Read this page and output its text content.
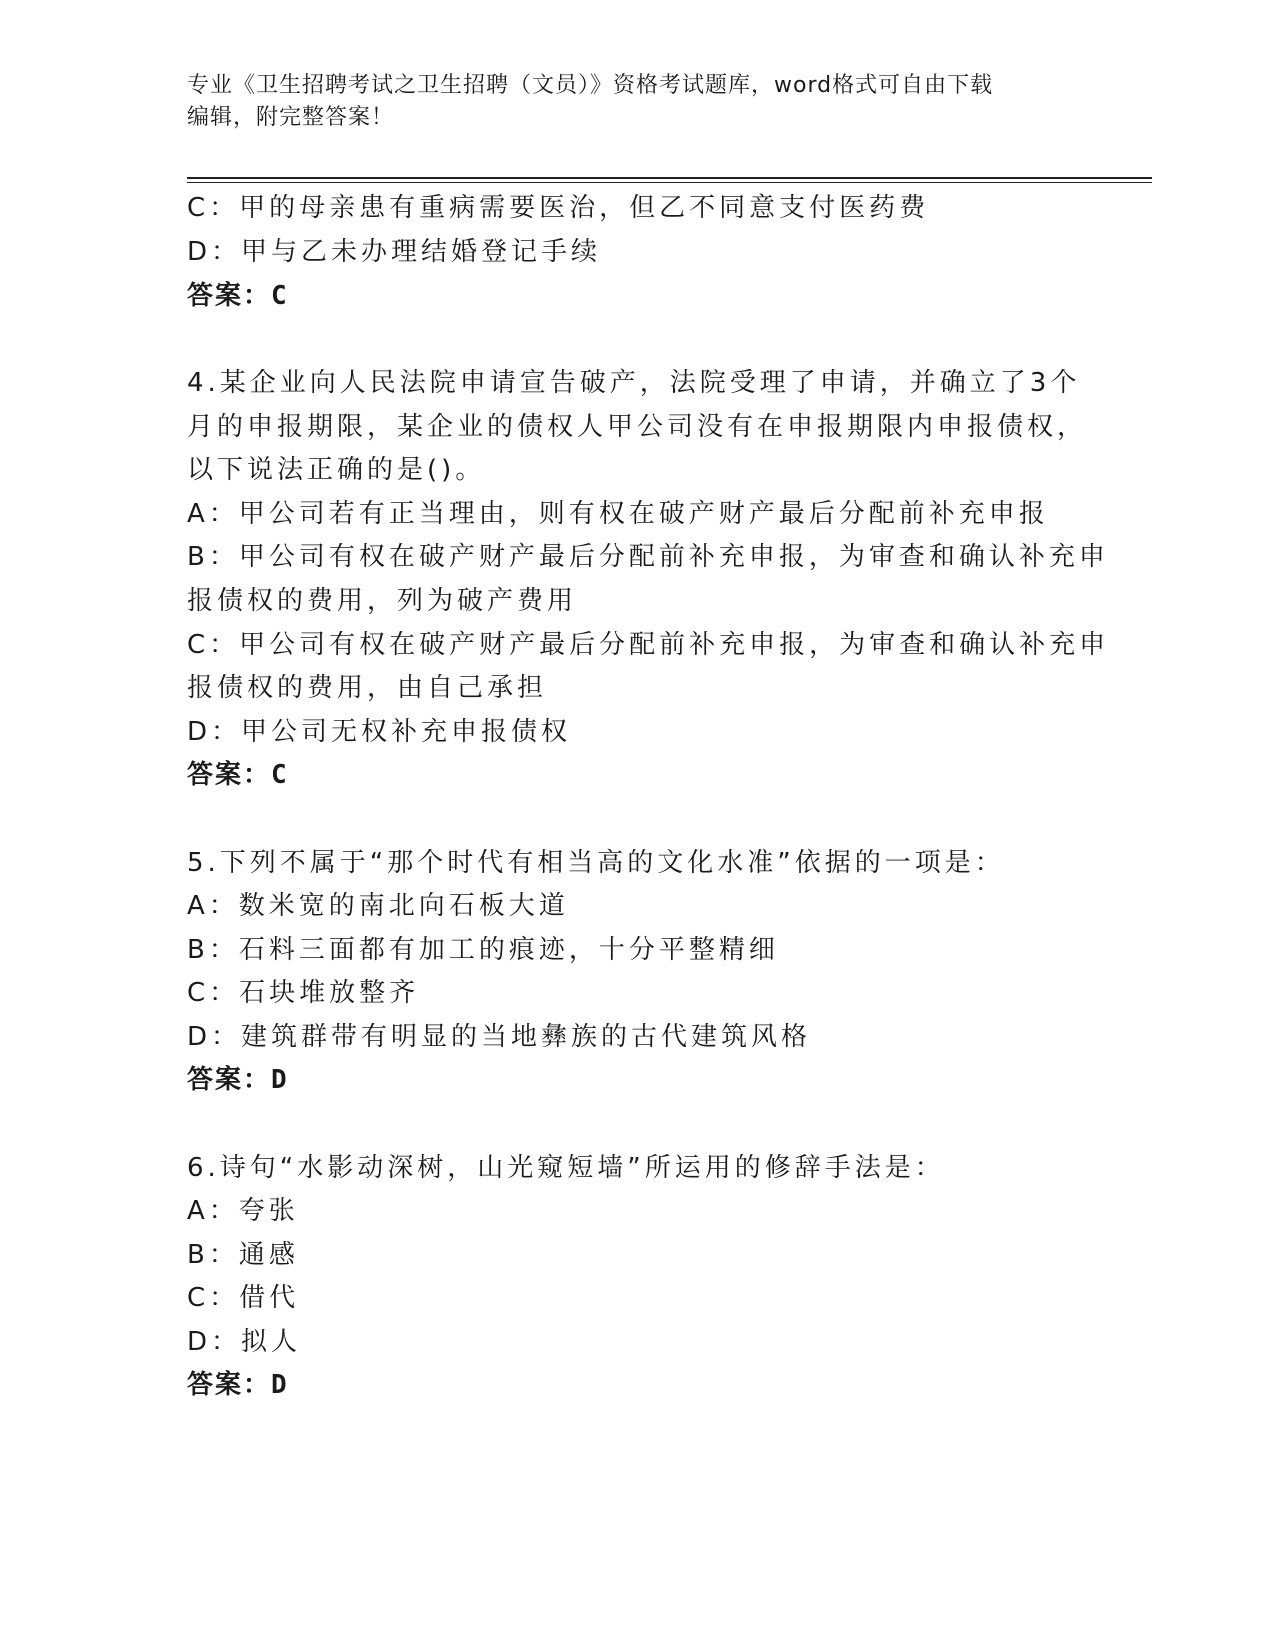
专业《卫生招聘考试之卫生招聘（文员）》资格考试题库，word格式可自由下载
编辑，附完整答案！
C：甲的母亲患有重病需要医治，但乙不同意支付医药费
D：甲与乙未办理结婚登记手续
答案：C
4.某企业向人民法院申请宣告破产，法院受理了申请，并确立了3个
月的申报期限，某企业的债权人甲公司没有在申报期限内申报债权，
以下说法正确的是()。
A：甲公司若有正当理由，则有权在破产财产最后分配前补充申报
B：甲公司有权在破产财产最后分配前补充申报，为审查和确认补充申
报债权的费用，列为破产费用
C：甲公司有权在破产财产最后分配前补充申报，为审查和确认补充申
报债权的费用，由自己承担
D：甲公司无权补充申报债权
答案：C
5.下列不属于“那个时代有相当高的文化水准”依据的一项是：
A：数米宽的南北向石板大道
B：石料三面都有加工的痕迹，十分平整精细
C：石块堆放整齐
D：建筑群带有明显的当地彝族的古代建筑风格
答案：D
6.诗句“水影动深树，山光窥短墙”所运用的修辞手法是：
A：夸张
B：通感
C：借代
D：拟人
答案：D
